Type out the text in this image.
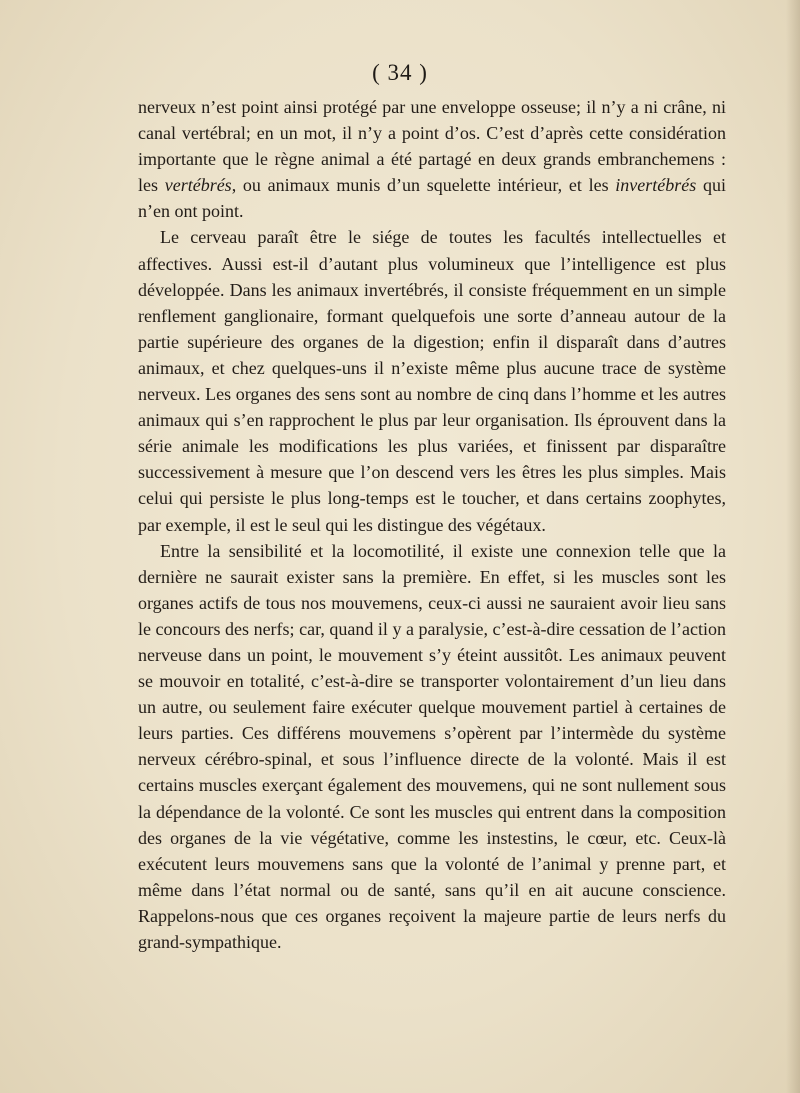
( 34 )

nerveux n’est point ainsi protégé par une enveloppe osseuse; il n’y a ni crâne, ni canal vertébral; en un mot, il n’y a point d’os. C’est d’après cette considération importante que le règne animal a été partagé en deux grands embranchemens : les vertébrés, ou animaux munis d’un squelette intérieur, et les invertébrés qui n’en ont point.

Le cerveau paraît être le siége de toutes les facultés intellectuelles et affectives. Aussi est-il d’autant plus volumineux que l’intelligence est plus développée. Dans les animaux invertébrés, il consiste fréquemment en un simple renflement ganglionaire, formant quelquefois une sorte d’anneau autour de la partie supérieure des organes de la digestion; enfin il disparaît dans d’autres animaux, et chez quelques-uns il n’existe même plus aucune trace de système nerveux. Les organes des sens sont au nombre de cinq dans l’homme et les autres animaux qui s’en rapprochent le plus par leur organisation. Ils éprouvent dans la série animale les modifications les plus variées, et finissent par disparaître successivement à mesure que l’on descend vers les êtres les plus simples. Mais celui qui persiste le plus long-temps est le toucher, et dans certains zoophytes, par exemple, il est le seul qui les distingue des végétaux.

Entre la sensibilité et la locomotilité, il existe une connexion telle que la dernière ne saurait exister sans la première. En effet, si les muscles sont les organes actifs de tous nos mouvemens, ceux-ci aussi ne sauraient avoir lieu sans le concours des nerfs; car, quand il y a paralysie, c’est-à-dire cessation de l’action nerveuse dans un point, le mouvement s’y éteint aussitôt. Les animaux peuvent se mouvoir en totalité, c’est-à-dire se transporter volontairement d’un lieu dans un autre, ou seulement faire exécuter quelque mouvement partiel à certaines de leurs parties. Ces différens mouvemens s’opèrent par l’intermède du système nerveux cérébro-spinal, et sous l’influence directe de la volonté. Mais il est certains muscles exerçant également des mouvemens, qui ne sont nullement sous la dépendance de la volonté. Ce sont les muscles qui entrent dans la composition des organes de la vie végétative, comme les instestins, le cœur, etc. Ceux-là exécutent leurs mouvemens sans que la volonté de l’animal y prenne part, et même dans l’état normal ou de santé, sans qu’il en ait aucune conscience. Rappelons-nous que ces organes reçoivent la majeure partie de leurs nerfs du grand-sympathique.
